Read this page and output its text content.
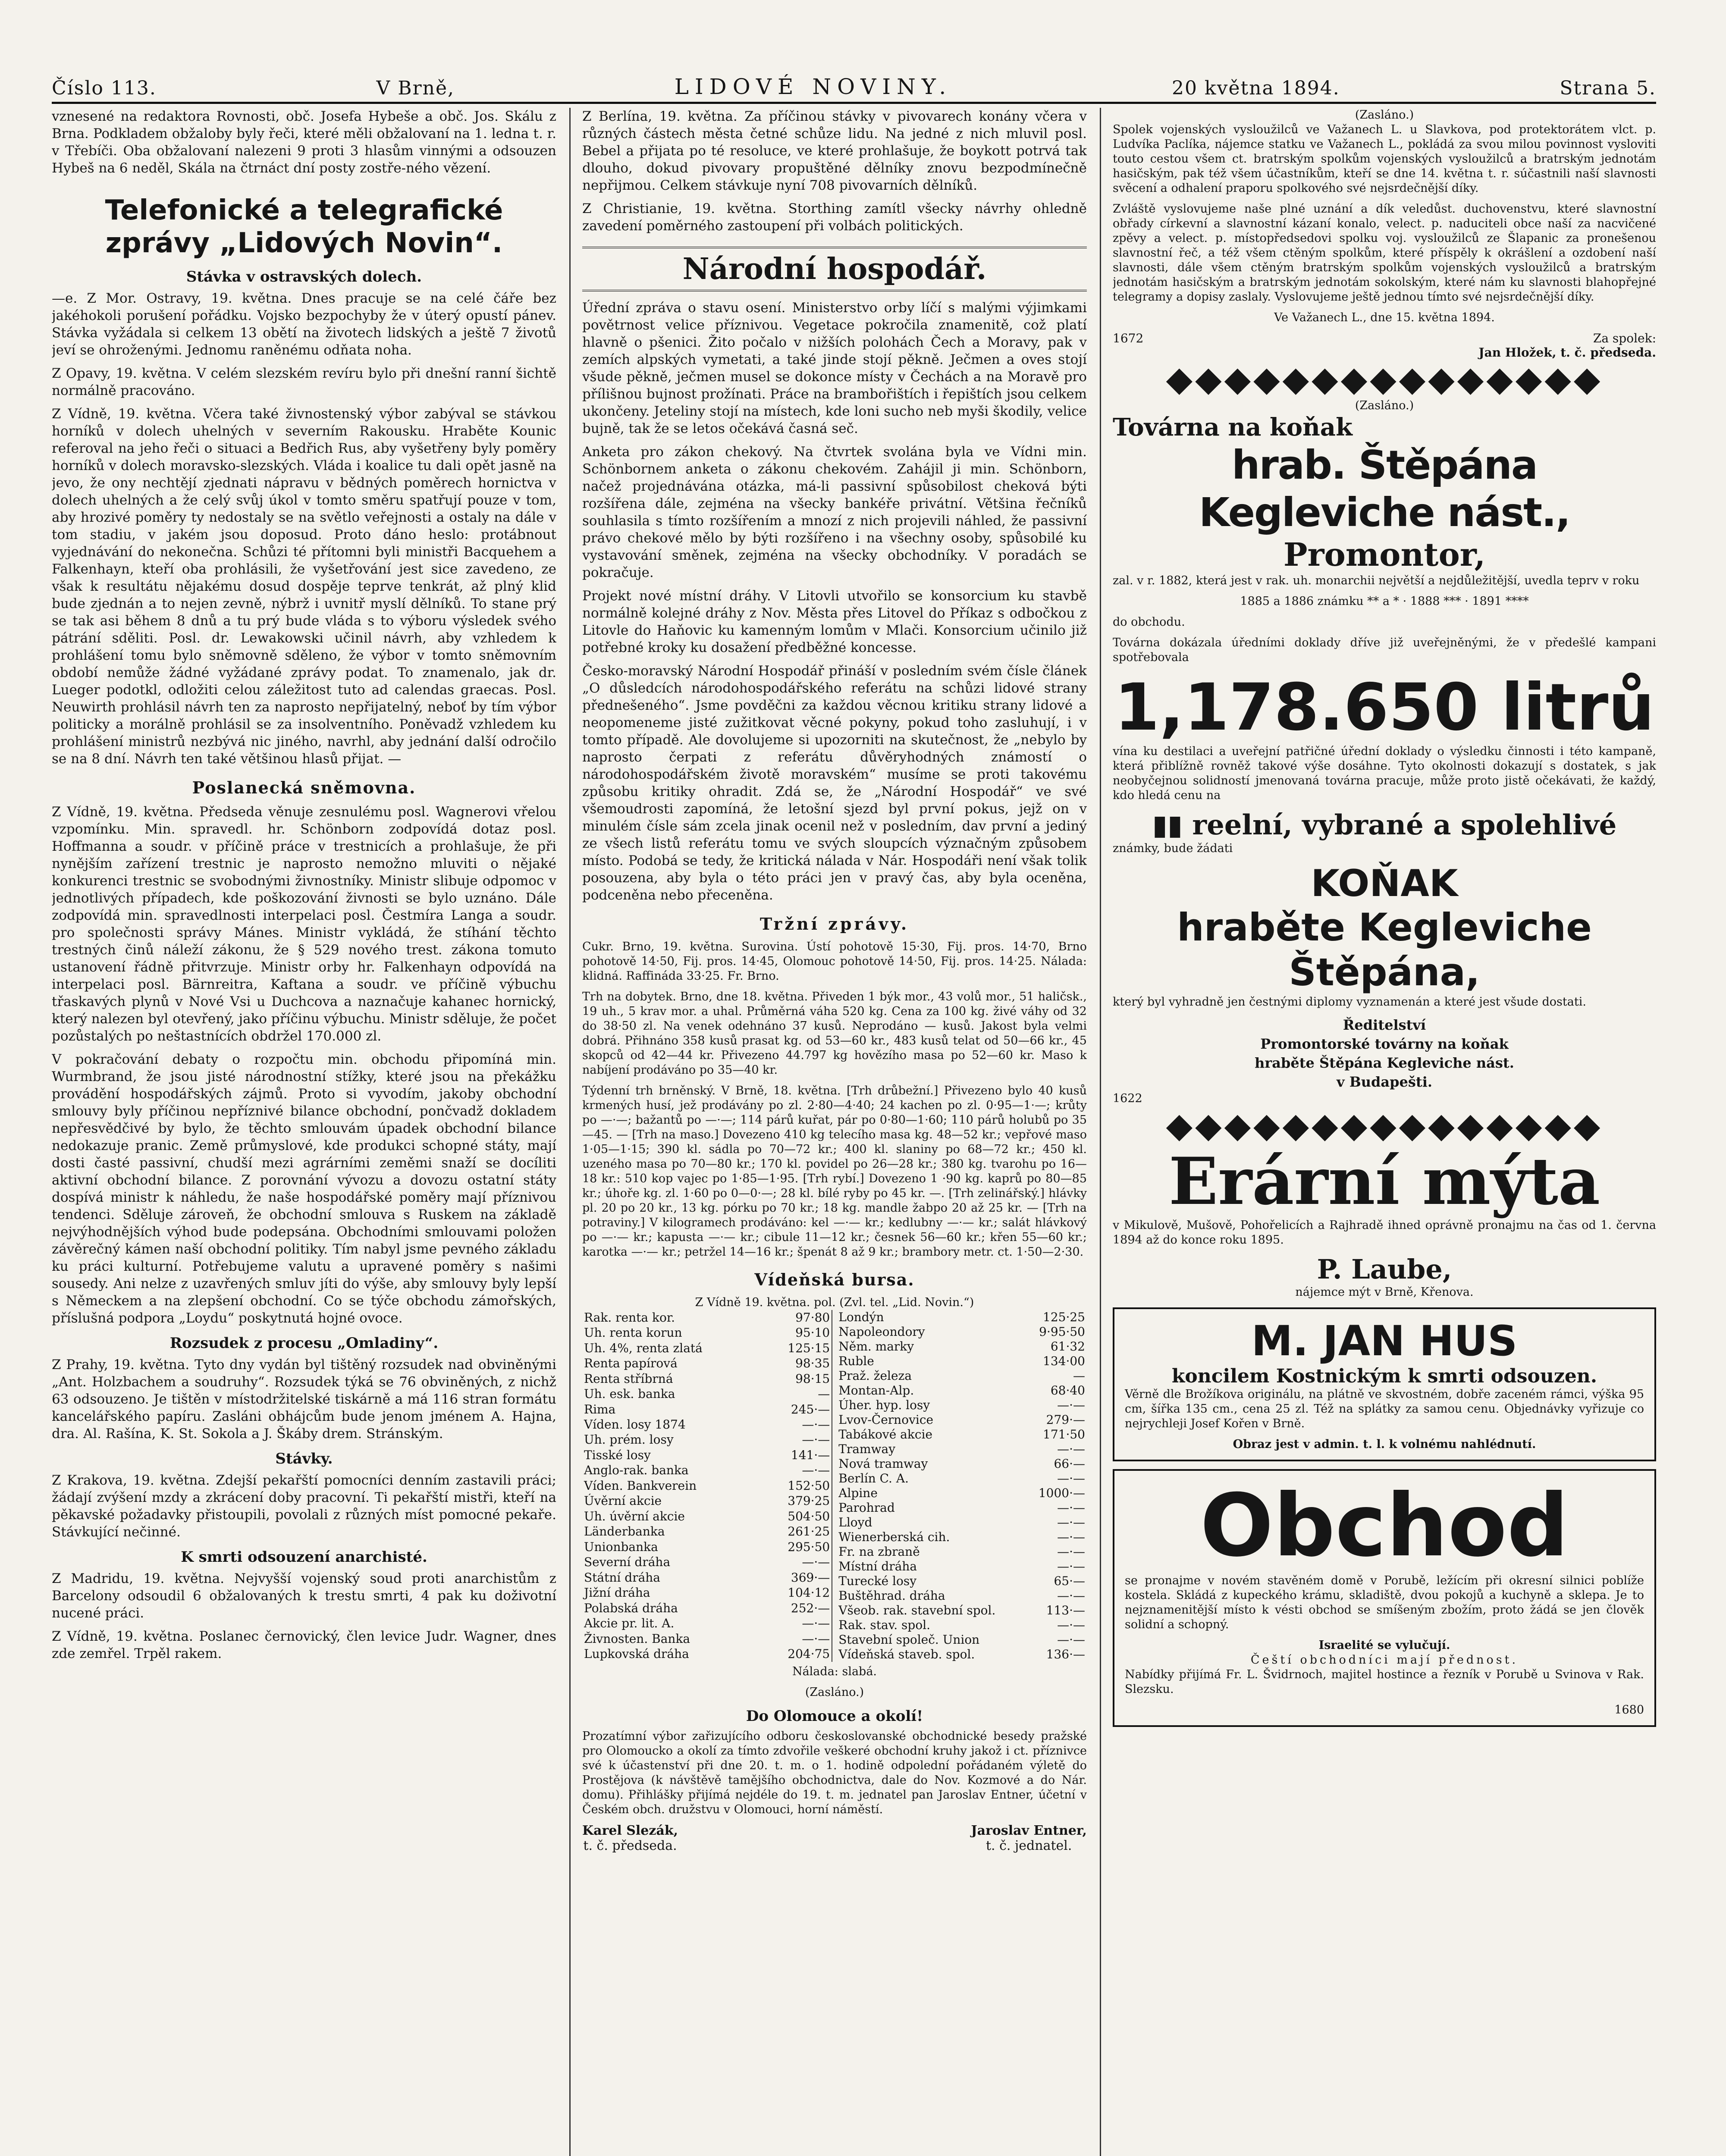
Číslo 113.	V Brně,	LIDOVÉ NOVINY.	20 května 1894.	Strana 5.

vznesené na redaktora Rovnosti, obč. Josefa Hybeše a obč. Jos. Skálu z Brna. Podkladem obžaloby byly řeči, které měli obžalovaní na 1. ledna t. r. v Třebíči. Oba obžalovaní nalezeni 9 proti 3 hlasům vinnými a odsouzen Hybeš na 6 neděl, Skála na čtrnáct dní posty zostře-ného vězení.

Telefonické a telegrafické zprávy „Lidových Novin“.
Stávka v ostravských dolech.

—e. Z Mor. Ostravy, 19. května. Dnes pracuje se na celé čáře bez jakéhokoli porušení pořádku. Vojsko bezpochyby že v úterý opustí pánev. Stávka vyžádala si celkem 13 obětí na životech lidských a ještě 7 životů jeví se ohroženými. Jednomu raněnému odňata noha.

Z Opavy, 19. května. V celém slezském revíru bylo při dnešní ranní šichtě normálně pracováno.

Z Vídně, 19. května. Včera také živnostenský výbor zabýval se stávkou horníků v dolech uhelných v severním Rakousku. Hraběte Kounic referoval na jeho řeči o situaci a Bedřich Rus, aby vyšetřeny byly poměry horníků v dolech moravsko-slezských. Vláda i koalice tu dali opět jasně na jevo, že ony nechtějí zjednati nápravu v bědných poměrech hornictva v dolech uhelných a že celý svůj úkol v tomto směru spatřují pouze v tom, aby hrozivé poměry ty nedostaly se na světlo veřejnosti a ostaly na dále v tom stadiu, v jakém jsou doposud. Proto dáno heslo: protábnout vyjednávání do nekonečna. Schůzi té přítomni byli ministři Bacquehem a Falkenhayn, kteří oba prohlásili, že vyšetřování jest sice zavedeno, ze však k resultátu nějakému dosud dospěje teprve tenkrát, až plný klid bude zjednán a to nejen zevně, nýbrž i uvnitř myslí dělníků. To stane prý se tak asi během 8 dnů a tu prý bude vláda s to výboru výsledek svého pátrání sděliti. Posl. dr. Lewakowski učinil návrh, aby vzhledem k prohlášení tomu bylo sněmovně sděleno, že výbor v tomto sněmovním období nemůže žádné vyžádané zprávy podat. To znamenalo, jak dr. Lueger podotkl, odložiti celou záležitost tuto ad calendas graecas. Posl. Neuwirth prohlásil návrh ten za naprosto nepřijatelný, neboť by tím výbor politicky a morálně prohlásil se za insolventního. Poněvadž vzhledem ku prohlášení ministrů nezbývá nic jiného, navrhl, aby jednání další odročilo se na 8 dní. Návrh ten také většinou hlasů přijat. —

Poslanecká sněmovna.

Z Vídně, 19. května. Předseda věnuje zesnulému posl. Wagnerovi vřelou vzpomínku. Min. spravedl. hr. Schönborn zodpovídá dotaz posl. Hoffmanna a soudr. v příčině práce v trestnicích a prohlašuje, že při nynějším zařízení trestnic je naprosto nemožno mluviti o nějaké konkurenci trestnic se svobodnými živnostníky. Ministr slibuje odpomoc v jednotlivých případech, kde poškozování živnosti se bylo uznáno. Dále zodpovídá min. spravedlnosti interpelaci posl. Čestmíra Langa a soudr. pro společnosti správy Mánes. Ministr vykládá, že stíhání těchto trestných činů náleží zákonu, že § 529 nového trest. zákona tomuto ustanovení řádně přitvrzuje. Ministr orby hr. Falkenhayn odpovídá na interpelaci posl. Bärnreitra, Kaftana a soudr. ve příčině výbuchu třaskavých plynů v Nové Vsi u Duchcova a naznačuje kahanec hornický, který nalezen byl otevřený, jako příčinu výbuchu. Ministr sděluje, že počet pozůstalých po neštastnících obdržel 170.000 zl.

V pokračování debaty o rozpočtu min. obchodu připomíná min. Wurmbrand, že jsou jisté národnostní stížky, které jsou na překážku provádění hospodářských zájmů. Proto si vyvodím, jakoby obchodní smlouvy byly příčinou nepříznivé bilance obchodní, pončvadž dokladem nepřesvědčivé by bylo, že těchto smlouvám úpadek obchodní bilance nedokazuje pranic. Země průmyslové, kde produkci schopné státy, mají dosti časté passivní, chudší mezi agrárními zeměmi snaží se docíliti aktivní obchodní bilance. Z porovnání vývozu a dovozu ostatní státy dospívá ministr k náhledu, že naše hospodářské poměry mají příznivou tendenci. Sděluje zároveň, že obchodní smlouva s Ruskem na základě nejvýhodnějších výhod bude podepsána. Obchodními smlouvami položen závěrečný kámen naší obchodní politiky. Tím nabyl jsme pevného základu ku práci kulturní. Potřebujeme valutu a upravené poměry s našimi sousedy. Ani nelze z uzavřených smluv jíti do výše, aby smlouvy byly lepší s Německem a na zlepšení obchodní. Co se týče obchodu zámořských, příslušná podpora „Loydu“ poskytnutá hojné ovoce.

Rozsudek z procesu „Omladiny“.

Z Prahy, 19. května. Tyto dny vydán byl tištěný rozsudek nad obviněnými „Ant. Holzbachem a soudruhy“. Rozsudek týká se 76 obviněných, z nichž 63 odsouzeno. Je tištěn v místodržitelské tiskárně a má 116 stran formátu kancelářského papíru. Zasláni obhájcům bude jenom jménem A. Hajna, dra. Al. Rašína, K. St. Sokola a J. Škáby drem. Stránským.

Stávky.

Z Krakova, 19. května. Zdejší pekařští pomocníci denním zastavili práci; žádají zvýšení mzdy a zkrácení doby pracovní. Ti pekařští mistři, kteří na pěkavské požadavky přistoupili, povolali z různých míst pomocné pekaře. Stávkující nečinné.

K smrti odsouzení anarchisté.

Z Madridu, 19. května. Nejvyšší vojenský soud proti anarchistům z Barcelony odsoudil 6 obžalovaných k trestu smrti, 4 pak ku doživotní nucené práci.

Z Vídně, 19. května. Poslanec černovický, člen levice Judr. Wagner, dnes zde zemřel. Trpěl rakem.

Z Berlína, 19. května. Za příčinou stávky v pivovarech konány včera v různých částech města četné schůze lidu. Na jedné z nich mluvil posl. Bebel a přijata po té resoluce, ve které prohlašuje, že boykott potrvá tak dlouho, dokud pivovary propuštěné dělníky znovu bezpodmínečně nepřijmou. Celkem stávkuje nyní 708 pivovarních dělníků.

Z Christianie, 19. května. Storthing zamítl všecky návrhy ohledně zavedení poměrného zastoupení při volbách politických.

Národní hospodář.

Úřední zpráva o stavu osení. Ministerstvo orby líčí s malými výjimkami povětrnost velice příznivou. Vegetace pokročila znamenitě, což platí hlavně o pšenici. Žito počalo v nižších polohách Čech a Moravy, pak v zemích alpských vymetati, a také jinde stojí pěkně. Ječmen a oves stojí všude pěkně, ječmen musel se dokonce místy v Čechách a na Moravě pro přílišnou bujnost prožínati. Práce na brambořištích i řepištích jsou celkem ukončeny. Jeteliny stojí na místech, kde loni sucho neb myši škodily, velice bujně, tak že se letos očekává časná seč.

Anketa pro zákon chekový. Na čtvrtek svolána byla ve Vídni min. Schönbornem anketa o zákonu chekovém. Zahájil ji min. Schönborn, načež projednávána otázka, má-li passivní spůsobilost cheková býti rozšířena dále, zejména na všecky bankéře privátní. Většina řečníků souhlasila s tímto rozšířením a mnozí z nich projevili náhled, že passivní právo chekové mělo by býti rozšířeno i na všechny osoby, spůsobilé ku vystavování směnek, zejména na všecky obchodníky. V poradách se pokračuje.

Projekt nové místní dráhy. V Litovli utvořilo se konsorcium ku stavbě normálně kolejné dráhy z Nov. Města přes Litovel do Příkaz s odbočkou z Litovle do Haňovic ku kamenným lomům v Mlači. Konsorcium učinilo již potřebné kroky ku dosažení předběžné koncesse.

Česko-moravský Národní Hospodář přináší v posledním svém čísle článek „O důsledcích národohospodářského referátu na schůzi lidové strany přednešeného“. Jsme povděčni za každou věcnou kritiku strany lidové a neopomeneme jisté zužitkovat věcné pokyny, pokud toho zasluhují, i v tomto případě. Ale dovolujeme si upozorniti na skutečnost, že „nebylo by naprosto čerpati z referátu důvěryhodných známostí o národohospodářském životě moravském“ musíme se proti takovému způsobu kritiky ohradit. Zdá se, že „Národní Hospodář“ ve své všemoudrosti zapomíná, že letošní sjezd byl první pokus, jejž on v minulém čísle sám zcela jinak ocenil než v posledním, dav první a jediný ze všech listů referátu tomu ve svých sloupcích význačným způsobem místo. Podobá se tedy, že kritická nálada v Nár. Hospodáři není však tolik posouzena, aby byla o této práci jen v pravý čas, aby byla oceněna, podceněna nebo přeceněna.

Tržní zprávy.

Cukr. Brno, 19. května. Surovina. Ústí pohotově 15·30, Fij. pros. 14·70, Brno pohotově 14·50, Fij. pros. 14·45, Olomouc pohotově 14·50, Fij. pros. 14·25. Nálada: klidná. Raffináda 33·25. Fr. Brno.

Trh na dobytek. Brno, dne 18. května. Přiveden 1 býk mor., 43 volů mor., 51 haličsk., 19 uh., 5 krav mor. a uhal. Průměrná váha 520 kg. Cena za 100 kg. živé váhy od 32 do 38·50 zl. Na venek odehnáno 37 kusů. Neprodáno — kusů. Jakost byla velmi dobrá. Přihnáno 358 kusů prasat kg. od 53—60 kr., 483 kusů telat od 50—66 kr., 45 skopců od 42—44 kr. Přivezeno 44.797 kg hovězího masa po 52—60 kr. Maso k nabíjení prodáváno po 35—40 kr.

Týdenní trh brněnský. V Brně, 18. května. [Trh drůbežní.] Přivezeno bylo 40 kusů krmených husí, jež prodávány po zl. 2·80—4·40; 24 kachen po zl. 0·95—1·—; krůty po —·—; bažantů po —·—; 114 párů kuřat, pár po 0·80—1·60; 110 párů holubů po 35—45. — [Trh na maso.] Dovezeno 410 kg telecího masa kg. 48—52 kr.; vepřové maso 1·05—1·15; 390 kl. sádla po 70—72 kr.; 400 kl. slaniny po 68—72 kr.; 450 kl. uzeného masa po 70—80 kr.; 170 kl. povidel po 26—28 kr.; 380 kg. tvarohu po 16—18 kr.: 510 kop vajec po 1·85—1·95. [Trh rybí.] Dovezeno 1 ·90 kg. kaprů po 80—85 kr.; úhoře kg. zl. 1·60 po 0—0·—; 28 kl. bílé ryby po 45 kr. —. [Trh zelinářský.] hlávky pl. 20 po 20 kr., 13 kg. pórku po 70 kr.; 18 kg. mandle žabpo 20 až 25 kr. — [Trh na potraviny.] V kilogramech prodáváno: kel —·— kr.; kedlubny —·— kr.; salát hlávkový po —·— kr.; kapusta —·— kr.; cibule 11—12 kr.; česnek 56—60 kr.; křen 55—60 kr.; karotka —·— kr.; petržel 14—16 kr.; špenát 8 až 9 kr.; brambory metr. ct. 1·50—2·30.

Vídeňská bursa.
Z Vídně 19. května. pol. (Zvl. tel. „Lid. Novin.“)
Rak. renta kor.	97·80
Uh. renta korun	95·10
Uh. 4%, renta zlatá	125·15
Renta papírová	98·35
Renta stříbrná	98·15
Uh. esk. banka	—
Rima	245·—
Víden. losy 1874	—·—
Uh. prém. losy	—·—
Tisské losy	141·—
Anglo-rak. banka	—·—
Víden. Bankverein	152·50
Úvěrní akcie	379·25
Uh. úvěrní akcie	504·50
Länderbanka	261·25
Unionbanka	295·50
Severní dráha	—·—
Státní dráha	369·—
Jižní dráha	104·12
Polabská dráha	252·—
Akcie pr. lit. A.	—·—
Živnosten. Banka	—·—
Lupkovská dráha	204·75
Londýn	125·25
Napoleondory	9·95·50
Něm. marky	61·32
Ruble	134·00
Praž. železa	—
Montan-Alp.	68·40
Úher. hyp. losy	—·—
Lvov-Černovice	279·—
Tabákové akcie	171·50
Tramway	—·—
Nová tramway	66·—
Berlín C. A.	—·—
Alpine	1000·—
Parohrad	—·—
Lloyd	—·—
Wienerberská cih.	—·—
Fr. na zbraně	—·—
Místní dráha	—·—
Turecké losy	65·—
Buštěhrad. dráha	—·—
Všeob. rak. stavební spol.	113·—
Rak. stav. spol.	—·—
Stavební společ. Union	—·—
Vídeňská staveb. spol.	136·—
Nálada: slabá.
(Zasláno.)
Do Olomouce a okolí!

Prozatímní výbor zařizujícího odboru českoslovanské obchodnické besedy pražské pro Olomoucko a okolí za tímto zdvořile veškeré obchodní kruhy jakož i ct. příznivce své k účastenství při dne 20. t. m. o 1. hodině odpolední pořádaném výletě do Prostějova (k návštěvě tamějšího obchodnictva, dale do Nov. Kozmové a do Nár. domu). Přihlášky přijímá nejdéle do 19. t. m. jednatel pan Jaroslav Entner, účetní v Českém obch. družstvu v Olomouci, horní náměstí.

Karel Slezák,
t. č. předseda.
Jaroslav Entner,
t. č. jednatel.
(Zasláno.)

Spolek vojenských vysloužilců ve Važanech L. u Slavkova, pod protektorátem vlct. p. Ludvíka Paclíka, nájemce statku ve Važanech L., pokládá za svou milou povinnost vysloviti touto cestou všem ct. bratrským spolkům vojenských vysloužilců a bratrským jednotám hasičským, pak též všem účastníkům, kteří se dne 14. května t. r. súčastnili naší slavnosti svěcení a odhalení praporu spolkového své nejsrdečnější díky.

Zvláště vyslovujeme naše plné uznání a dík veledůst. duchovenstvu, které slavnostní obřady církevní a slavnostní kázaní konalo, velect. p. naduciteli obce naší za nacvičené zpěvy a velect. p. místopředsedovi spolku voj. vysloužilců ze Šlapanic za pronešenou slavnostní řeč, a též všem ctěným spolkům, které příspěly k okrášlení a ozdobení naší slavnosti, dále všem ctěným bratrským spolkům vojenských vysloužilců a bratrským jednotám hasičským a bratrským jednotám sokolským, které nám ku slavnosti blahopřejné telegramy a dopisy zaslaly. Vyslovujeme ještě jednou tímto své nejsrdečnější díky.

Ve Važanech L., dne 15. května 1894.

1672	Za spolek:
Jan Hložek, t. č. předseda.
◆◆◆◆◆◆◆◆◆◆◆◆◆◆◆
(Zasláno.)
Továrna na koňak
hrab. Štěpána Kegleviche nást.,
Promontor,

zal. v r. 1882, která jest v rak. uh. monarchii největší a nejdůležitější, uvedla teprv v roku

1885 a 1886 známku ** a * · 1888 *** · 1891 ****

do obchodu.

Továrna dokázala úředními doklady dříve již uveřejněnými, že v předešlé kampani spotřebovala

1,178.650 litrů

vína ku destilaci a uveřejní patřičné úřední doklady o výsledku činnosti i této kampaně, která přiblížně rovněž takové výše dosáhne. Tyto okolnosti dokazují s dostatek, s jak neobyčejnou solidností jmenovaná továrna pracuje, může proto jistě očekávati, že každý, kdo hledá cenu na

▮▮ reelní, vybrané a spolehlivé

známky, bude žádati

KOŇAK
hraběte Kegleviche Štěpána,

který byl vyhradně jen čestnými diplomy vyznamenán a které jest všude dostati.

Ředitelství
Promontorské továrny na koňak
hraběte Štěpána Kegleviche nást.
v Budapešti.
1622
◆◆◆◆◆◆◆◆◆◆◆◆◆◆◆
Erární mýta

v Mikulově, Mušově, Pohořelicích a Rajhradě ihned oprávně pronajmu na čas od 1. června 1894 až do konce roku 1895.

P. Laube,
nájemce mýt v Brně, Křenova.
M. JAN HUS
koncilem Kostnickým k smrti odsouzen.

Věrně dle Brožíkova originálu, na plátně ve skvostném, dobře zaceném rámci, výška 95 cm, šířka 135 cm., cena 25 zl. Též na splátky za samou cenu. Objednávky vyřizuje co nejrychleji Josef Kořen v Brně.

Obraz jest v admin. t. l. k volnému nahlédnutí.
Obchod

se pronajme v novém stavěném domě v Porubě, ležícím při okresní silnici poblíže kostela. Skládá z kupeckého krámu, skladiště, dvou pokojů a kuchyně a sklepa. Je to nejznamenitější místo k vésti obchod se smíšeným zbožím, proto žádá se jen člověk solidní a schopný.

Israelité se vylučují.
Čeští obchodníci mají přednost.

Nabídky přijímá Fr. L. Švidrnoch, majitel hostince a řezník v Porubě u Svinova v Rak. Slezsku.

1680
